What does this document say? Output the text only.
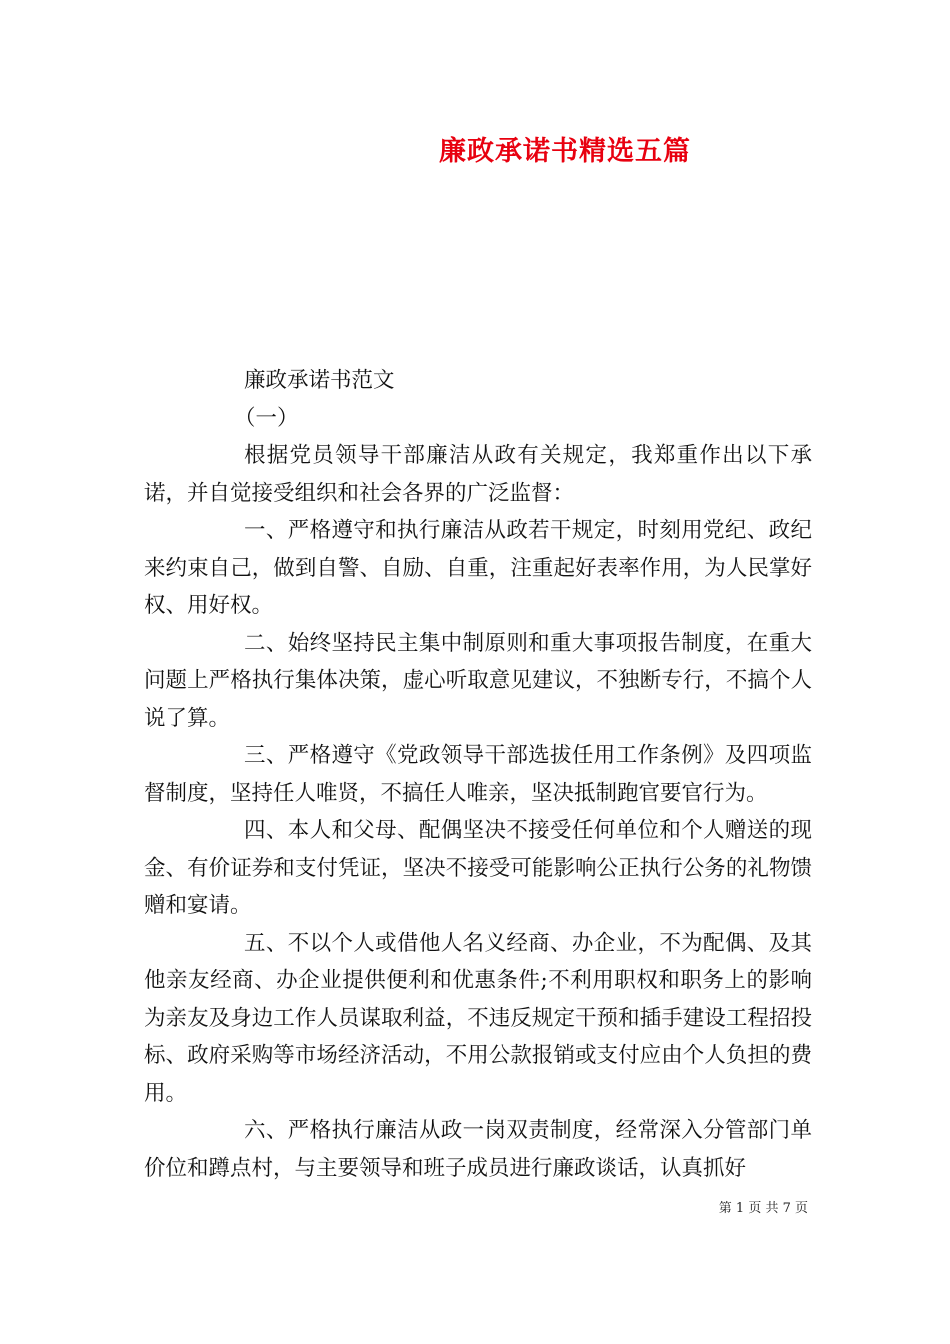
廉政承诺书精选五篇

廉政承诺书范文

（一）

根据党员领导干部廉洁从政有关规定，我郑重作出以下承诺，并自觉接受组织和社会各界的广泛监督：

一、严格遵守和执行廉洁从政若干规定，时刻用党纪、政纪来约束自己，做到自警、自励、自重，注重起好表率作用，为人民掌好权、用好权。

二、始终坚持民主集中制原则和重大事项报告制度，在重大问题上严格执行集体决策，虚心听取意见建议，不独断专行，不搞个人说了算。

三、严格遵守《党政领导干部选拔任用工作条例》及四项监督制度，坚持任人唯贤，不搞任人唯亲，坚决抵制跑官要官行为。

四、本人和父母、配偶坚决不接受任何单位和个人赠送的现金、有价证券和支付凭证，坚决不接受可能影响公正执行公务的礼物馈赠和宴请。

五、不以个人或借他人名义经商、办企业，不为配偶、及其他亲友经商、办企业提供便利和优惠条件;不利用职权和职务上的影响为亲友及身边工作人员谋取利益，不违反规定干预和插手建设工程招投标、政府采购等市场经济活动，不用公款报销或支付应由个人负担的费用。

六、严格执行廉洁从政一岗双责制度，经常深入分管部门单价位和蹲点村，与主要领导和班子成员进行廉政谈话，认真抓好

第 1 页 共 7 页
